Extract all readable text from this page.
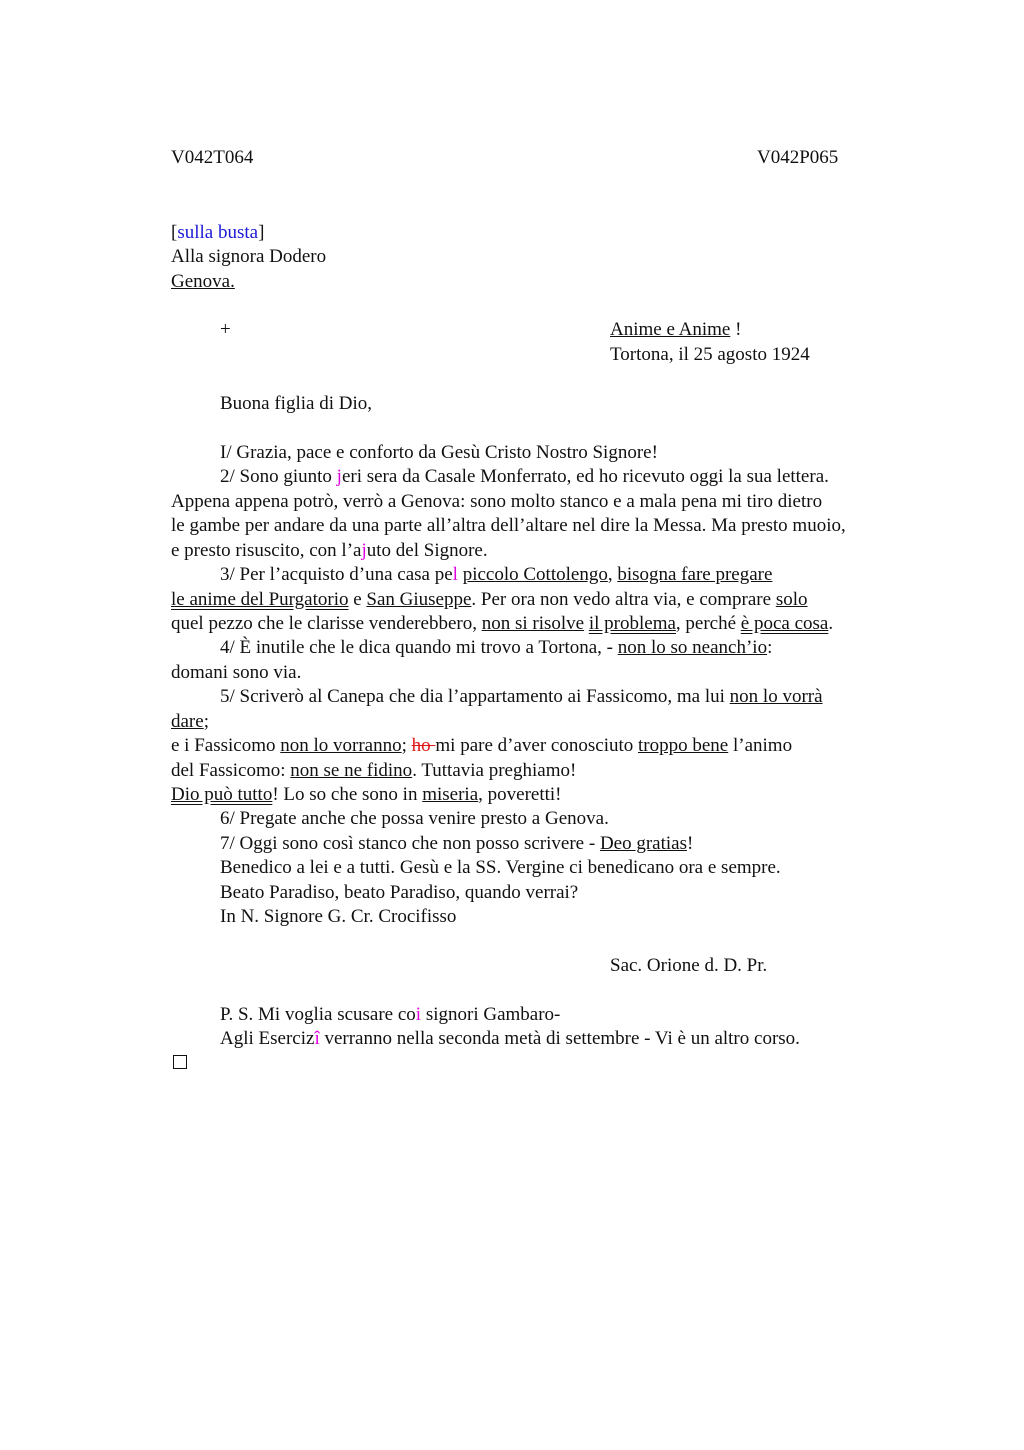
V042T064	V042P065
[sulla busta]
Alla signora Dodero
Genova.
+	Anime e Anime !
Tortona, il 25 agosto 1924
Buona figlia di Dio,
I/ Grazia, pace e conforto da Gesù Cristo Nostro Signore!
2/ Sono giunto jeri sera da Casale Monferrato, ed ho ricevuto oggi la sua lettera.
Appena appena potrò, verrò a Genova: sono molto stanco e a mala pena mi tiro dietro
le gambe per andare da una parte all’altra dell’altare nel dire la Messa. Ma presto muoio,
e presto risuscito, con l’ajuto del Signore.
3/ Per l’acquisto d’una casa pel piccolo Cottolengo, bisogna fare pregare
le anime del Purgatorio e San Giuseppe. Per ora non vedo altra via, e comprare solo
quel pezzo che le clarisse venderebbero, non si risolve il problema, perché è poca cosa.
4/ È inutile che le dica quando mi trovo a Tortona, - non lo so neanch’io:
domani sono via.
5/ Scriverò al Canepa che dia l’appartamento ai Fassicomo, ma lui non lo vorrà
dare;
e i Fassicomo non lo vorranno; ho mi pare d’aver conosciuto troppo bene l’animo
del Fassicomo: non se ne fidino. Tuttavia preghiamo!
Dio può tutto! Lo so che sono in miseria, poveretti!
6/ Pregate anche che possa venire presto a Genova.
7/ Oggi sono così stanco che non posso scrivere - Deo gratias!
Benedico a lei e a tutti. Gesù e la SS. Vergine ci benedicano ora e sempre.
Beato Paradiso, beato Paradiso, quando verrai?
In N. Signore G. Cr. Crocifisso
Sac. Orione d. D. Pr.
P. S. Mi voglia scusare coi signori Gambaro-
Agli Esercizî verranno nella seconda metà di settembre - Vi è un altro corso.
